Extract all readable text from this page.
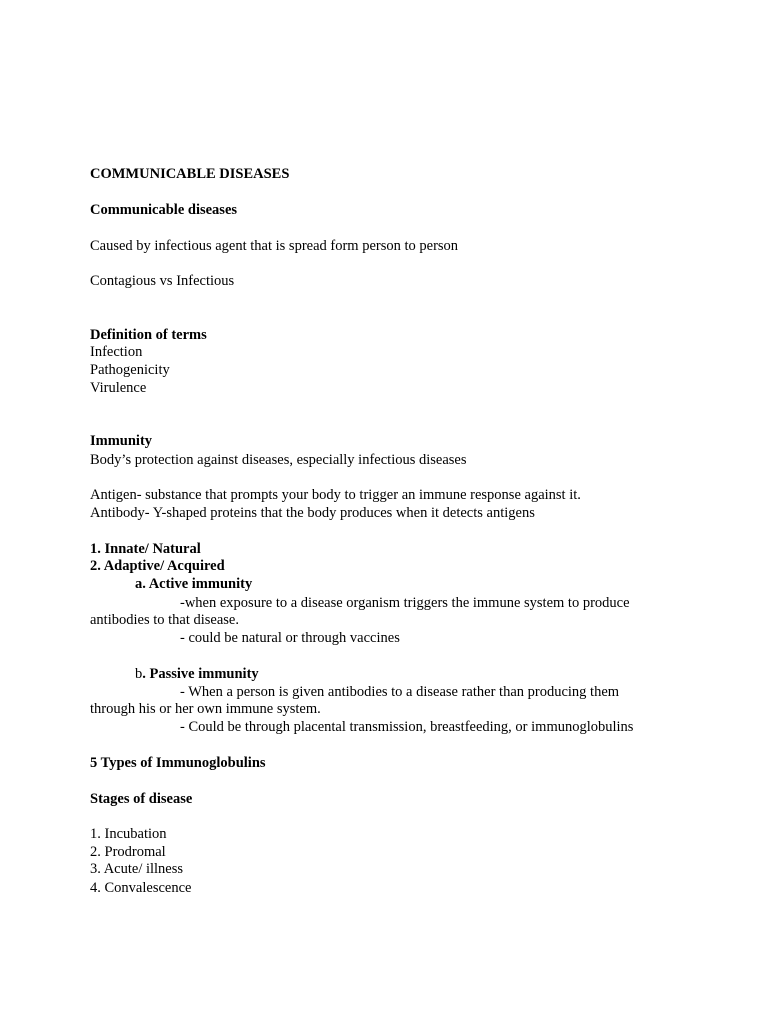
COMMUNICABLE DISEASES
Communicable diseases
Caused by infectious agent that is spread form person to person
Contagious vs Infectious
Definition of terms
Infection
Pathogenicity
Virulence
Immunity
Body’s protection against diseases, especially infectious diseases
Antigen- substance that prompts your body to trigger an immune response against it.
Antibody- Y-shaped proteins that the body produces when it detects antigens
1. Innate/ Natural
2. Adaptive/ Acquired
a. Active immunity
-when exposure to a disease organism triggers the immune system to produce
antibodies to that disease.
- could be natural or through vaccines
b. Passive immunity
- When a person is given antibodies to a disease rather than producing them
through his or her own immune system.
- Could be through placental transmission, breastfeeding, or immunoglobulins
5 Types of Immunoglobulins
Stages of disease
1. Incubation
2. Prodromal
3. Acute/ illness
4. Convalescence
